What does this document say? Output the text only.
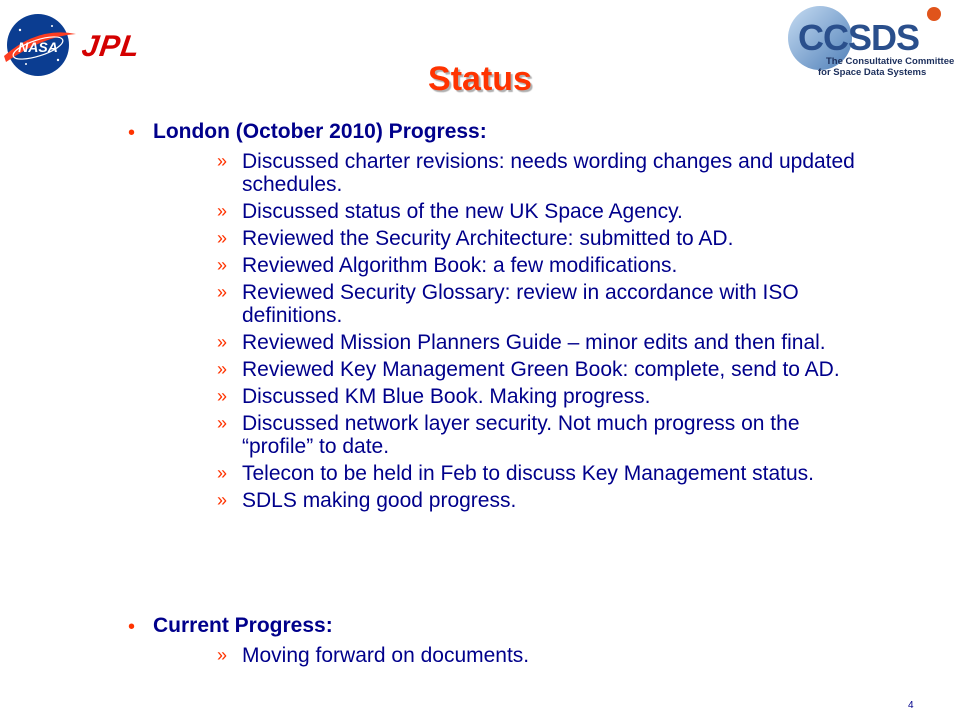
NASA JPL	CCSDS
The Consultative Committee
for Space Data Systems
Status
• London (October 2010) Progress:
» Discussed charter revisions: needs wording changes and updated schedules.
» Discussed status of the new UK Space Agency.
» Reviewed the Security Architecture: submitted to AD.
» Reviewed Algorithm Book: a few modifications.
» Reviewed Security Glossary: review in accordance with ISO definitions.
» Reviewed Mission Planners Guide – minor edits and then final.
» Reviewed Key Management Green Book: complete, send to AD.
» Discussed KM Blue Book. Making progress.
» Discussed network layer security. Not much progress on the “profile” to date.
» Telecon to be held in Feb to discuss Key Management status.
» SDLS making good progress.
• Current Progress:
» Moving forward on documents.
4
